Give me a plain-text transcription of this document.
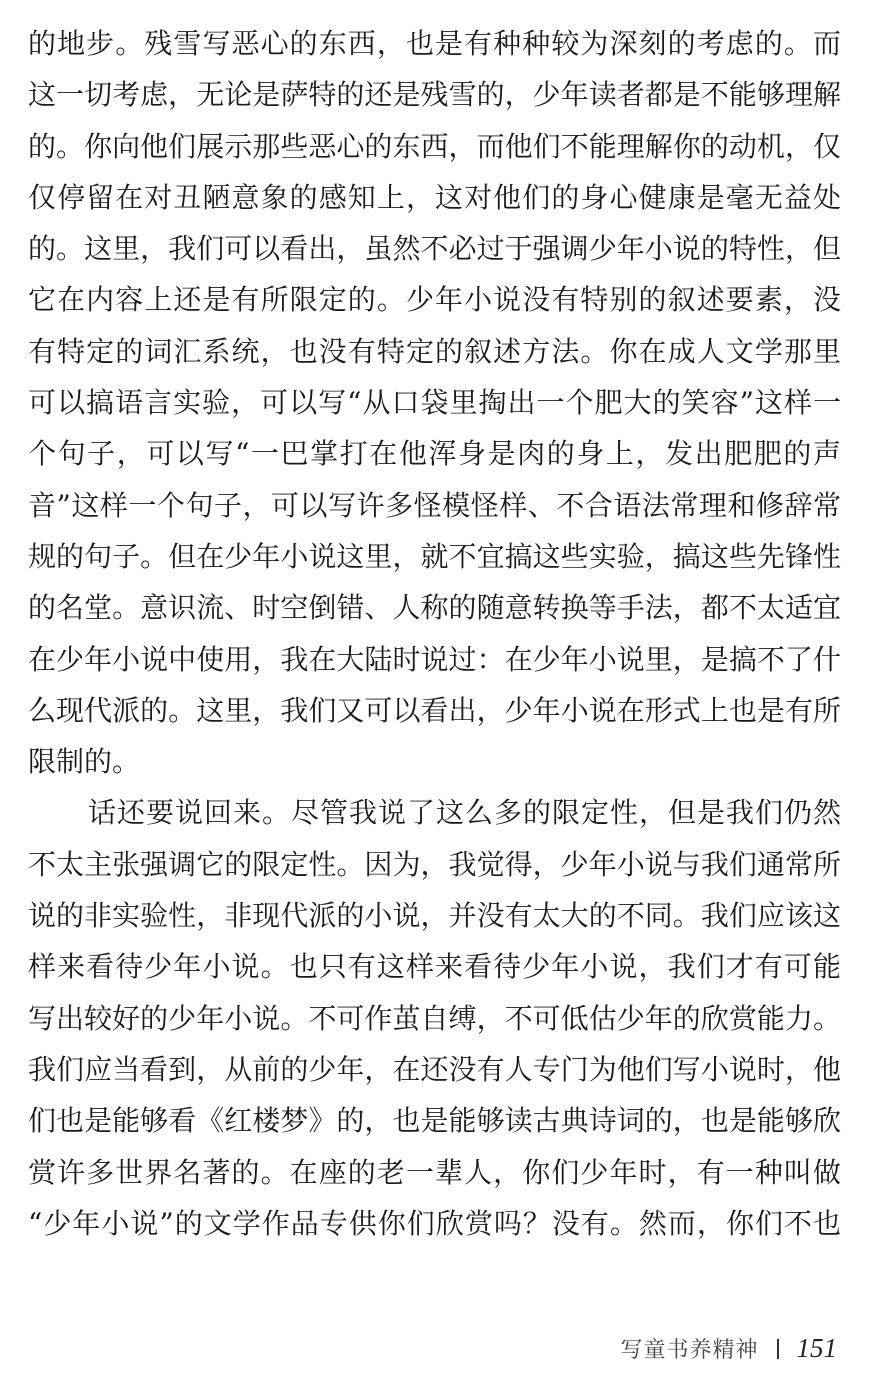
的地步。残雪写恶心的东西，也是有种种较为深刻的考虑的。而
这一切考虑，无论是萨特的还是残雪的，少年读者都是不能够理解
的。你向他们展示那些恶心的东西，而他们不能理解你的动机，仅
仅停留在对丑陋意象的感知上，这对他们的身心健康是毫无益处
的。这里，我们可以看出，虽然不必过于强调少年小说的特性，但
它在内容上还是有所限定的。少年小说没有特别的叙述要素，没
有特定的词汇系统，也没有特定的叙述方法。你在成人文学那里
可以搞语言实验，可以写“从口袋里掏出一个肥大的笑容”这样一
个句子，可以写“一巴掌打在他浑身是肉的身上，发出肥肥的声
音”这样一个句子，可以写许多怪模怪样、不合语法常理和修辞常
规的句子。但在少年小说这里，就不宜搞这些实验，搞这些先锋性
的名堂。意识流、时空倒错、人称的随意转换等手法，都不太适宜
在少年小说中使用，我在大陆时说过：在少年小说里，是搞不了什
么现代派的。这里，我们又可以看出，少年小说在形式上也是有所
限制的。
话还要说回来。尽管我说了这么多的限定性，但是我们仍然
不太主张强调它的限定性。因为，我觉得，少年小说与我们通常所
说的非实验性，非现代派的小说，并没有太大的不同。我们应该这
样来看待少年小说。也只有这样来看待少年小说，我们才有可能
写出较好的少年小说。不可作茧自缚，不可低估少年的欣赏能力。
我们应当看到，从前的少年，在还没有人专门为他们写小说时，他
们也是能够看《红楼梦》的，也是能够读古典诗词的，也是能够欣
赏许多世界名著的。在座的老一辈人，你们少年时，有一种叫做
“少年小说”的文学作品专供你们欣赏吗？没有。然而，你们不也
写童书养精神 151
